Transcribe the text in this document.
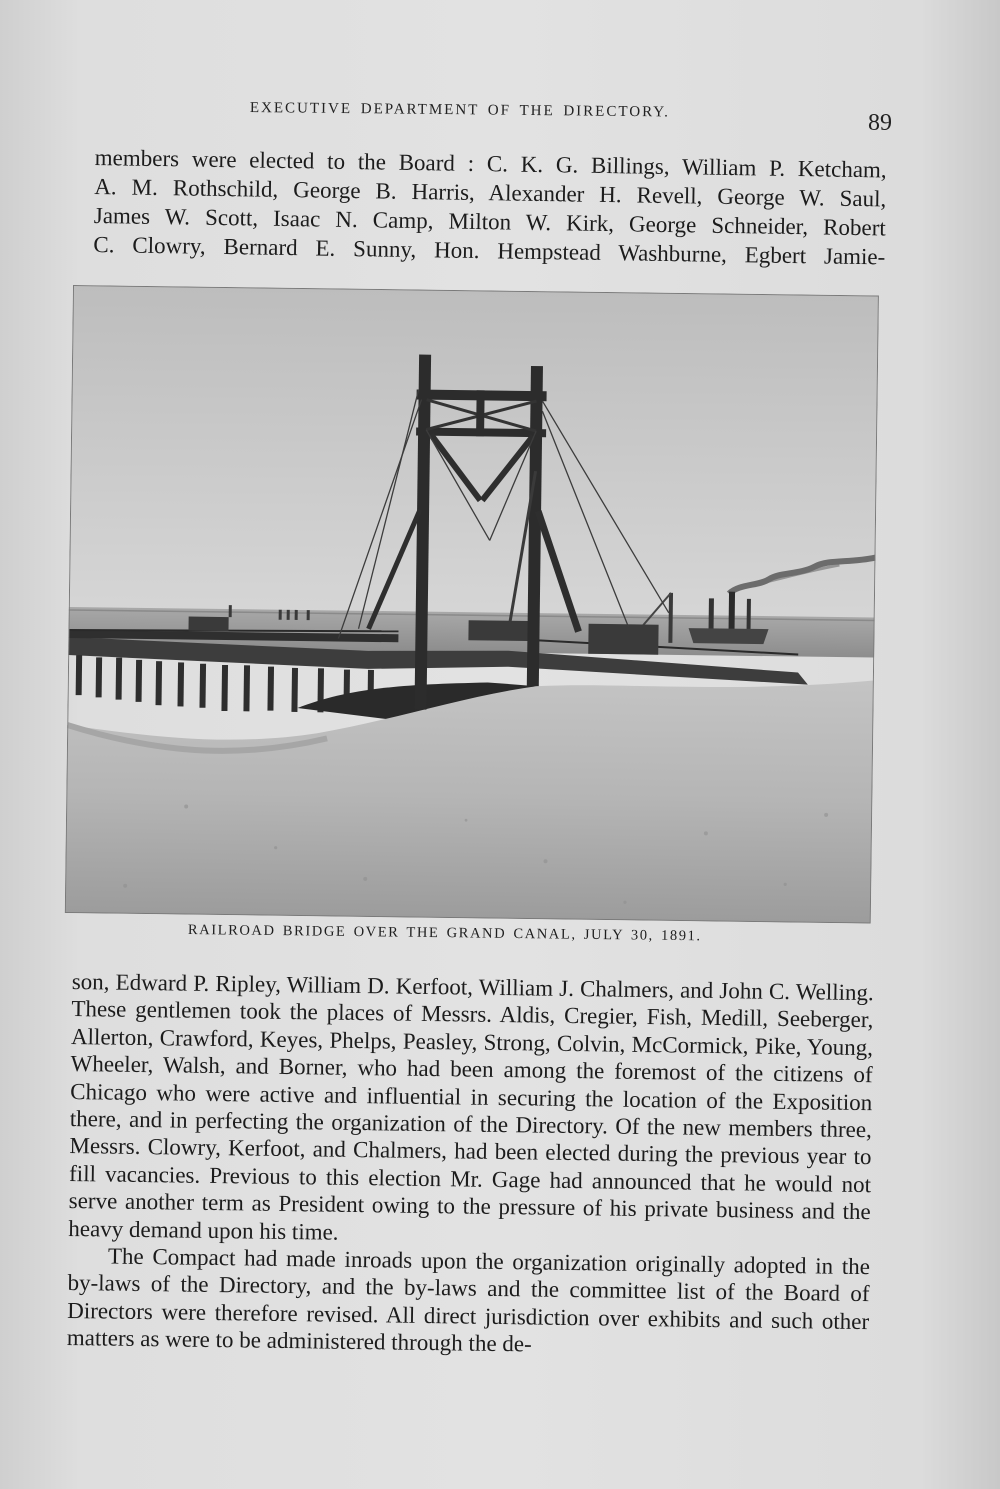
EXECUTIVE DEPARTMENT OF THE DIRECTORY.	89
members were elected to the Board : C. K. G. Billings, William P. Ketcham,
A. M. Rothschild, George B. Harris, Alexander H. Revell, George W. Saul,
James W. Scott, Isaac N. Camp, Milton W. Kirk, George Schneider, Robert
C. Clowry, Bernard E. Sunny, Hon. Hempstead Washburne, Egbert Jamie-
RAILROAD BRIDGE OVER THE GRAND CANAL, JULY 30, 1891.

son, Edward P. Ripley, William D. Kerfoot, William J. Chalmers, and John C. Welling. These gentlemen took the places of Messrs. Aldis, Cregier, Fish, Medill, Seeberger, Allerton, Crawford, Keyes, Phelps, Peasley, Strong, Colvin, McCormick, Pike, Young, Wheeler, Walsh, and Borner, who had been among the foremost of the citizens of Chicago who were active and influential in securing the location of the Exposition there, and in perfecting the organization of the Directory. Of the new members three, Messrs. Clowry, Kerfoot, and Chalmers, had been elected during the previous year to fill vacancies. Previous to this election Mr. Gage had announced that he would not serve another term as President owing to the pressure of his private business and the heavy demand upon his time.

The Compact had made inroads upon the organization originally adopted in the by-laws of the Directory, and the by-laws and the committee list of the Board of Directors were therefore revised. All direct jurisdiction over exhibits and such other matters as were to be administered through the de-
